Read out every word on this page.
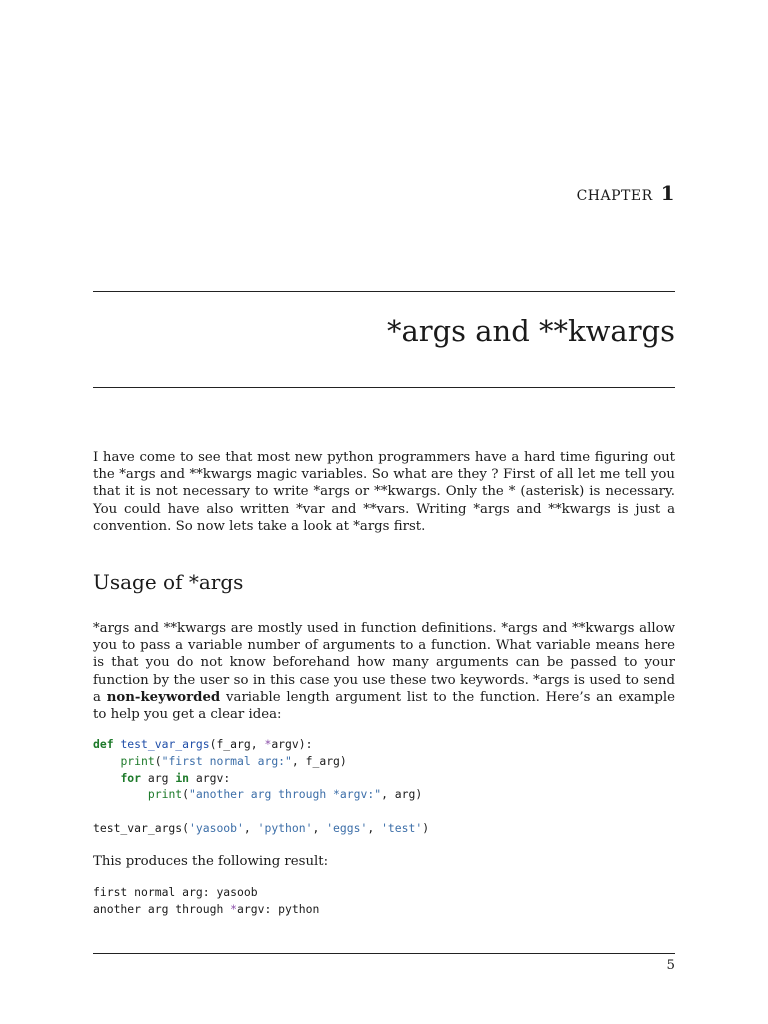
CHAPTER 1
*args and **kwargs

I have come to see that most new python programmers have a hard time figuring out the *args and **kwargs magic variables. So what are they ? First of all let me tell you that it is not necessary to write *args or **kwargs. Only the * (asterisk) is necessary. You could have also written *var and **vars. Writing *args and **kwargs is just a convention. So now lets take a look at *args first.

Usage of *args

*args and **kwargs are mostly used in function definitions. *args and **kwargs allow you to pass a variable number of arguments to a function. What variable means here is that you do not know beforehand how many arguments can be passed to your function by the user so in this case you use these two keywords. *args is used to send a non-keyworded variable length argument list to the function. Here’s an example to help you get a clear idea:

def test_var_args(f_arg, *argv):
print("first normal arg:", f_arg)
for arg in argv:
print("another arg through *argv:", arg)
test_var_args('yasoob', 'python', 'eggs', 'test')

This produces the following result:

first normal arg: yasoob
another arg through *argv: python
5
